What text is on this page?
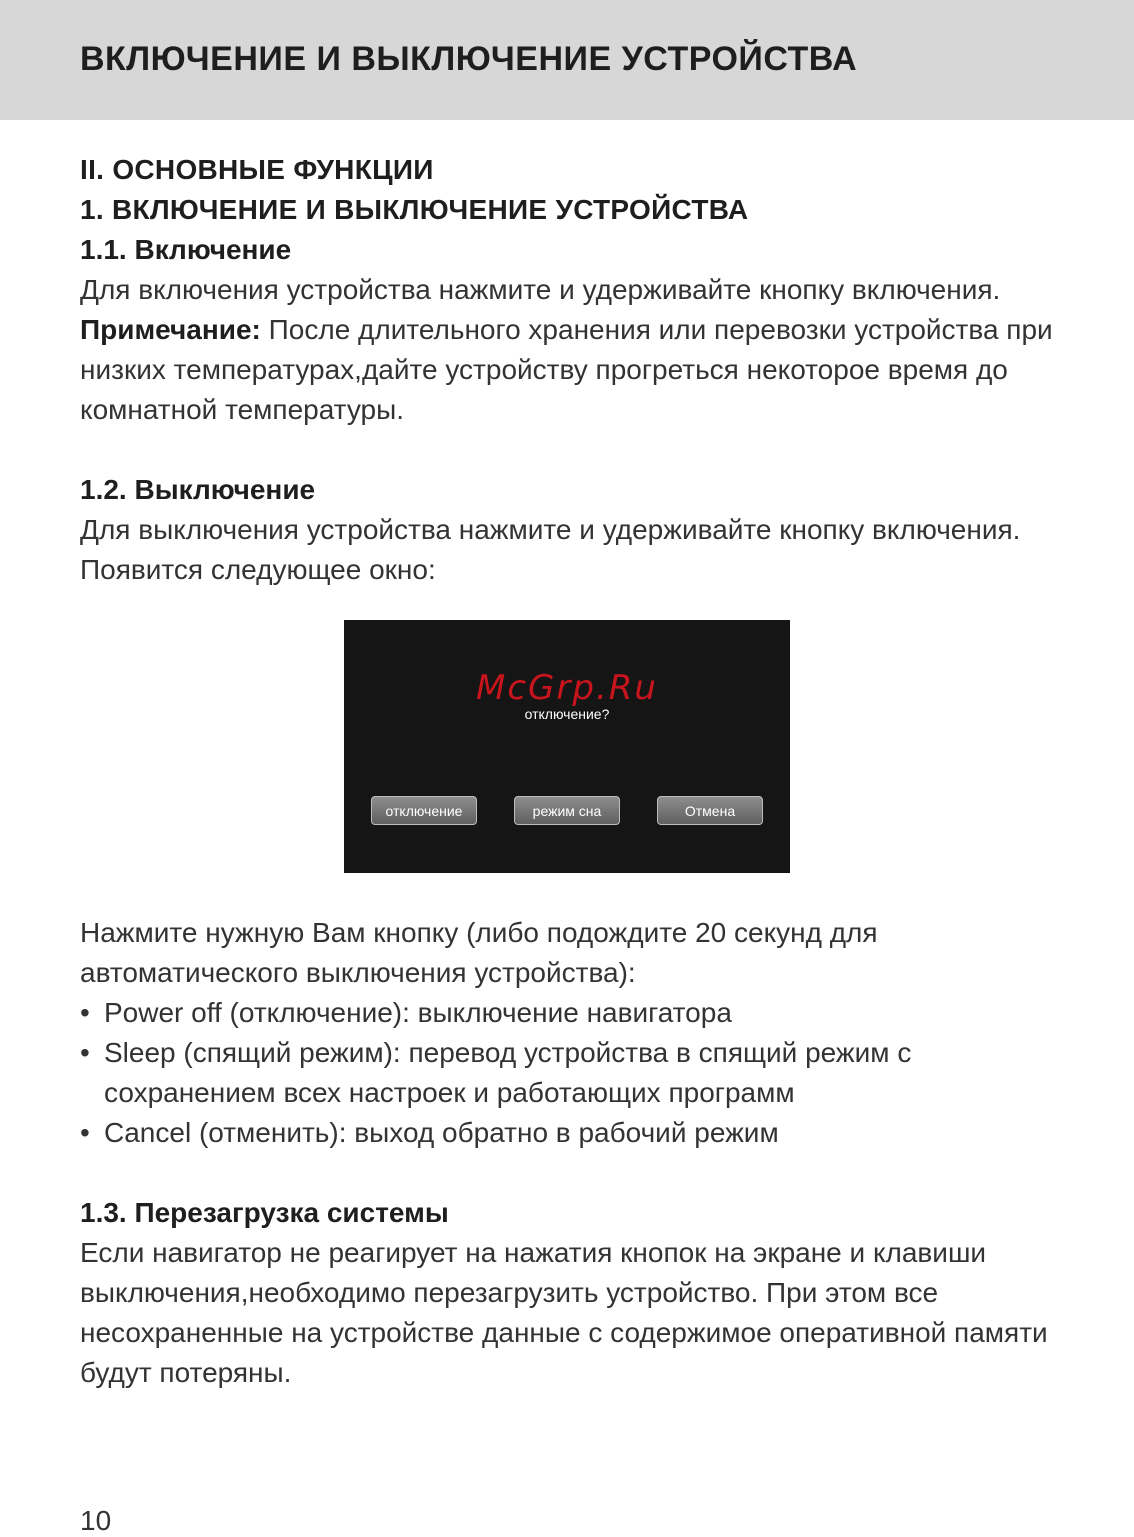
ВКЛЮЧЕНИЕ И ВЫКЛЮЧЕНИЕ УСТРОЙСТВА
II. ОСНОВНЫЕ ФУНКЦИИ
1. ВКЛЮЧЕНИЕ И ВЫКЛЮЧЕНИЕ УСТРОЙСТВА
1.1. Включение

Для включения устройства нажмите и удерживайте кнопку включения.

Примечание: После длительного хранения или перевозки устройства при низких температурах,дайте устройству прогреться некоторое время до комнатной температуры.

1.2. Выключение

Для выключения устройства нажмите и удерживайте кнопку включения.

Появится следующее окно:

McGrp.Ru
отключение?
отключение	режим сна	Отмена

Нажмите нужную Вам кнопку (либо подождите 20 секунд для автоматического выключения устройства):

• Power off (отключение): выключение навигатора
• Sleep (спящий режим): перевод устройства в спящий режим с сохранением всех настроек и работающих программ
• Cancel (отменить): выход обратно в рабочий режим
1.3. Перезагрузка системы

Если навигатор не реагирует на нажатия кнопок на экране и клавиши выключения,необходимо перезагрузить устройство. При этом все несохраненные на устройстве данные с содержимое оперативной памяти будут потеряны.

10
